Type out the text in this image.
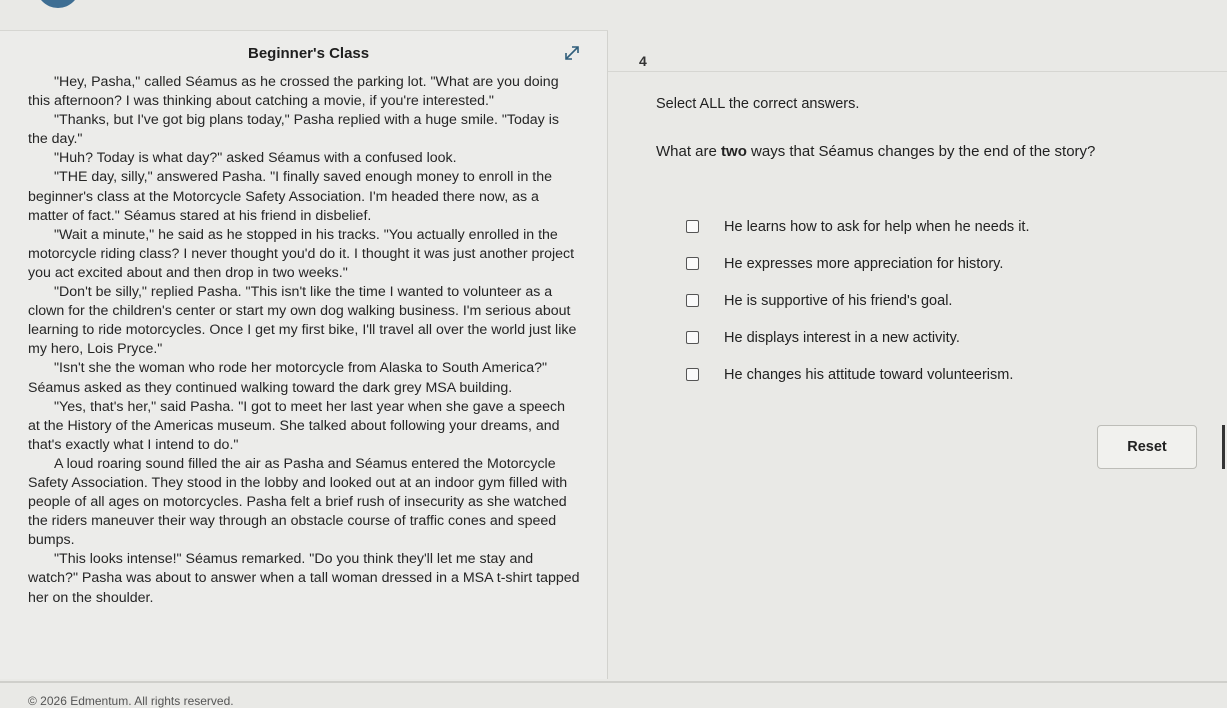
Beginner's Class

"Hey, Pasha," called Séamus as he crossed the parking lot. "What are you doing this afternoon? I was thinking about catching a movie, if you're interested."

"Thanks, but I've got big plans today," Pasha replied with a huge smile. "Today is the day."

"Huh? Today is what day?" asked Séamus with a confused look.

"THE day, silly," answered Pasha. "I finally saved enough money to enroll in the beginner's class at the Motorcycle Safety Association. I'm headed there now, as a matter of fact." Séamus stared at his friend in disbelief.

"Wait a minute," he said as he stopped in his tracks. "You actually enrolled in the motorcycle riding class? I never thought you'd do it. I thought it was just another project you act excited about and then drop in two weeks."

"Don't be silly," replied Pasha. "This isn't like the time I wanted to volunteer as a clown for the children's center or start my own dog walking business. I'm serious about learning to ride motorcycles. Once I get my first bike, I'll travel all over the world just like my hero, Lois Pryce."

"Isn't she the woman who rode her motorcycle from Alaska to South America?" Séamus asked as they continued walking toward the dark grey MSA building.

"Yes, that's her," said Pasha. "I got to meet her last year when she gave a speech at the History of the Americas museum. She talked about following your dreams, and that's exactly what I intend to do."

A loud roaring sound filled the air as Pasha and Séamus entered the Motorcycle Safety Association. They stood in the lobby and looked out at an indoor gym filled with people of all ages on motorcycles. Pasha felt a brief rush of insecurity as she watched the riders maneuver their way through an obstacle course of traffic cones and speed bumps.

"This looks intense!" Séamus remarked. "Do you think they'll let me stay and watch?" Pasha was about to answer when a tall woman dressed in a MSA t-shirt tapped her on the shoulder.

4
Select ALL the correct answers.
What are two ways that Séamus changes by the end of the story?
He learns how to ask for help when he needs it.
He expresses more appreciation for history.
He is supportive of his friend's goal.
He displays interest in a new activity.
He changes his attitude toward volunteerism.
Reset
© 2026 Edmentum. All rights reserved.
